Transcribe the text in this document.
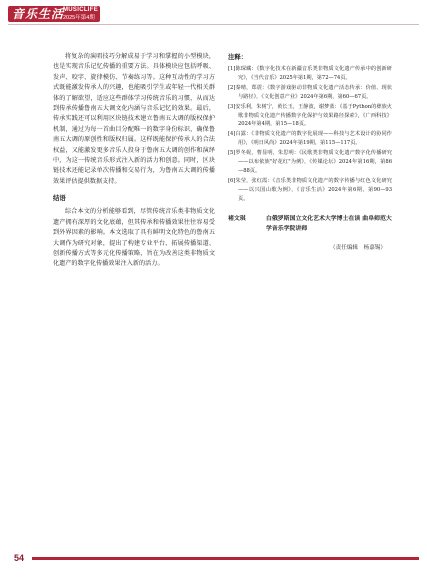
音乐生活
MUSICLIFE
2025年第4期

将复杂的演唱技巧分解成易于学习和掌握的小型模块，也是实现音乐记忆传播的重要方法。具体模块应包括呼吸、发声、咬字、旋律模仿、节奏练习等。这种互动性的学习方式既能激发传承人的兴趣，也能吸引学生或年轻一代相关群体的了解欲望，适应这些群体学习传统音乐的习惯，从而达到传承传播鲁南五大调文化内涵与音乐记忆的效果。最后，传承实践还可以利用区块链技术建立鲁南五大调的版权保护机制，通过为每一首曲目分配唯一的数字身份标识，确保鲁南五大调的原创性和版权归属。这样既能保护传承人的合法权益，又能激发更多音乐人投身于鲁南五大调的创作和演绎中，为这一传统音乐形式注入新的活力和创意。同时，区块链技术还能记录单次传播和交易行为，为鲁南五大调的传播效果评估提供数据支持。

结语

综合本文的分析能够看到，尽管传统音乐类非物质文化遗产拥有深厚的文化底蕴，但其传承和传播效果往往容易受到外界因素的影响。本文选取了具有鲜明文化特色的鲁南五大调作为研究对象，提出了构建专业平台、拓展传播渠道、创新传播方式等多元化传播策略，旨在为改善这类非物质文化遗产的数字化传播效果注入新的活力。

注释：

[1]陈琛藏：《数字化技术在新疆音乐类非物质文化遗产传承中的创新研究》，《当代音乐》2025年第1期，第72—74页。

[2]秦晴，郑震：《数字游戏驱动非物质文化遗产活态传承：价值、现状与路径》，《文化创意产业》2024年第6期，第60—67页。

[3]安乐利，朱树宁，黄长玉，王静波，谢梦蓝：《基于Python的彝族火歌非物质文化遗产传播数字化保护与效果路径探索》，《广西科技》2024年第4期，第15—18页。

[4]白露：《非物质文化遗产的数字化展现——科技与艺术设计的协同作用》，《明日风尚》2024年第19期，第115—117页。

[5]罗冬妮，曹显明，朱思明：《民歌类非物质文化遗产数字化传播研究——以布依族"好花红"为例》，《传媒论坛》2024年第16期，第86—88页。

[6]朱莹，张红霞：《音乐类非物质文化遗产的数字传播与红色文化研究——以兴国山歌为例》，《音乐生活》2024年第6期，第90—93页。

褚文琪	白俄罗斯国立文化艺术大学博士在读 曲阜师范大学音乐学院讲师
（责任编辑　杨嘉锡）
54
